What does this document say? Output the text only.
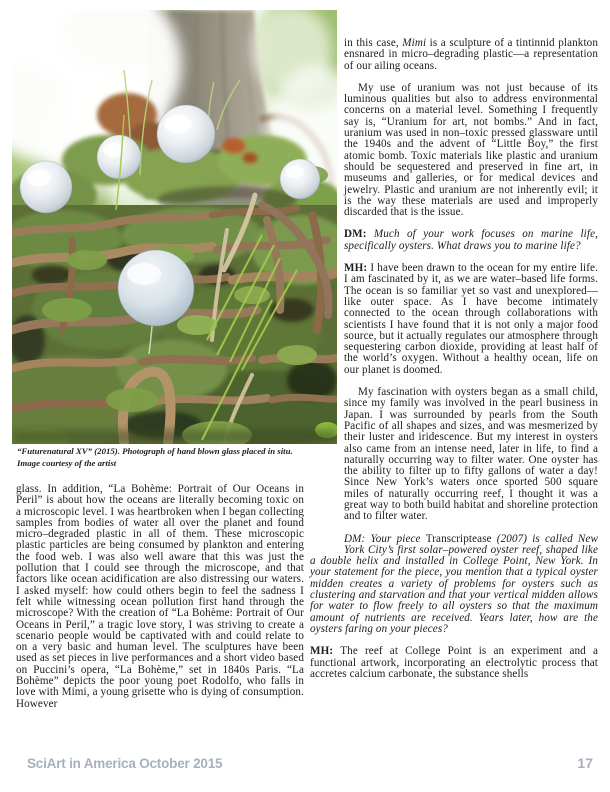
“Futurenatural XV” (2015). Photograph of hand blown glass placed in situ.
Image courtesy of the artist

glass. In addition, “La Bohème: Portrait of Our Oceans in Peril” is about how the oceans are literally becoming toxic on a microscopic level. I was heartbroken when I began collecting samples from bodies of water all over the planet and found micro–degraded plastic in all of them. These microscopic plastic particles are being consumed by plankton and entering the food web. I was also well aware that this was just the pollution that I could see through the microscope, and that factors like ocean acidification are also distressing our waters. I asked myself: how could others begin to feel the sadness I felt while witnessing ocean pollution first hand through the microscope? With the creation of “La Bohème: Portrait of Our Oceans in Peril,” a tragic love story, I was striving to create a scenario people would be captivated with and could relate to on a very basic and human level. The sculptures have been used as set pieces in live performances and a short video based on Puccini’s opera, “La Bohème,” set in 1840s Paris. “La Bohème” depicts the poor young poet Rodolfo, who falls in love with Mimi, a young grisette who is dying of consumption. However

in this case, Mimi is a sculpture of a tintinnid plankton ensnared in micro–degrading plastic—a representation of our ailing oceans.

My use of uranium was not just because of its luminous qualities but also to address environmental concerns on a material level. Something I frequently say is, “Uranium for art, not bombs.” And in fact, uranium was used in non–toxic pressed glassware until the 1940s and the advent of “Little Boy,” the first atomic bomb. Toxic materials like plastic and uranium should be sequestered and preserved in fine art, in museums and galleries, or for medical devices and jewelry. Plastic and uranium are not inherently evil; it is the way these materials are used and improperly discarded that is the issue.

DM: Much of your work focuses on marine life, specifically oysters. What draws you to marine life?

MH: I have been drawn to the ocean for my entire life. I am fascinated by it, as we are water–based life forms. The ocean is so familiar yet so vast and unexplored—like outer space. As I have become intimately connected to the ocean through collaborations with scientists I have found that it is not only a major food source, but it actually regulates our atmosphere through sequestering carbon dioxide, providing at least half of the world’s oxygen. Without a healthy ocean, life on our planet is doomed.

My fascination with oysters began as a small child, since my family was involved in the pearl business in Japan. I was surrounded by pearls from the South Pacific of all shapes and sizes, and was mesmerized by their luster and iridescence. But my interest in oysters also came from an intense need, later in life, to find a naturally occurring way to filter water. One oyster has the ability to filter up to fifty gallons of water a day! Since New York’s waters once sported 500 square miles of naturally occurring reef, I thought it was a great way to both build habitat and shoreline protection and to filter water.

DM: Your piece Transcriptease (2007) is called New York City’s first solar–powered oyster reef, shaped like a double helix and installed in College Point, New York. In your statement for the piece, you mention that a typical oyster midden creates a variety of problems for oysters such as clustering and starvation and that your vertical midden allows for water to flow freely to all oysters so that the maximum amount of nutrients are received. Years later, how are the oysters faring on your pieces?

MH: The reef at College Point is an experiment and a functional artwork, incorporating an electrolytic process that accretes calcium carbonate, the substance shells

SciArt in America October 2015	17
